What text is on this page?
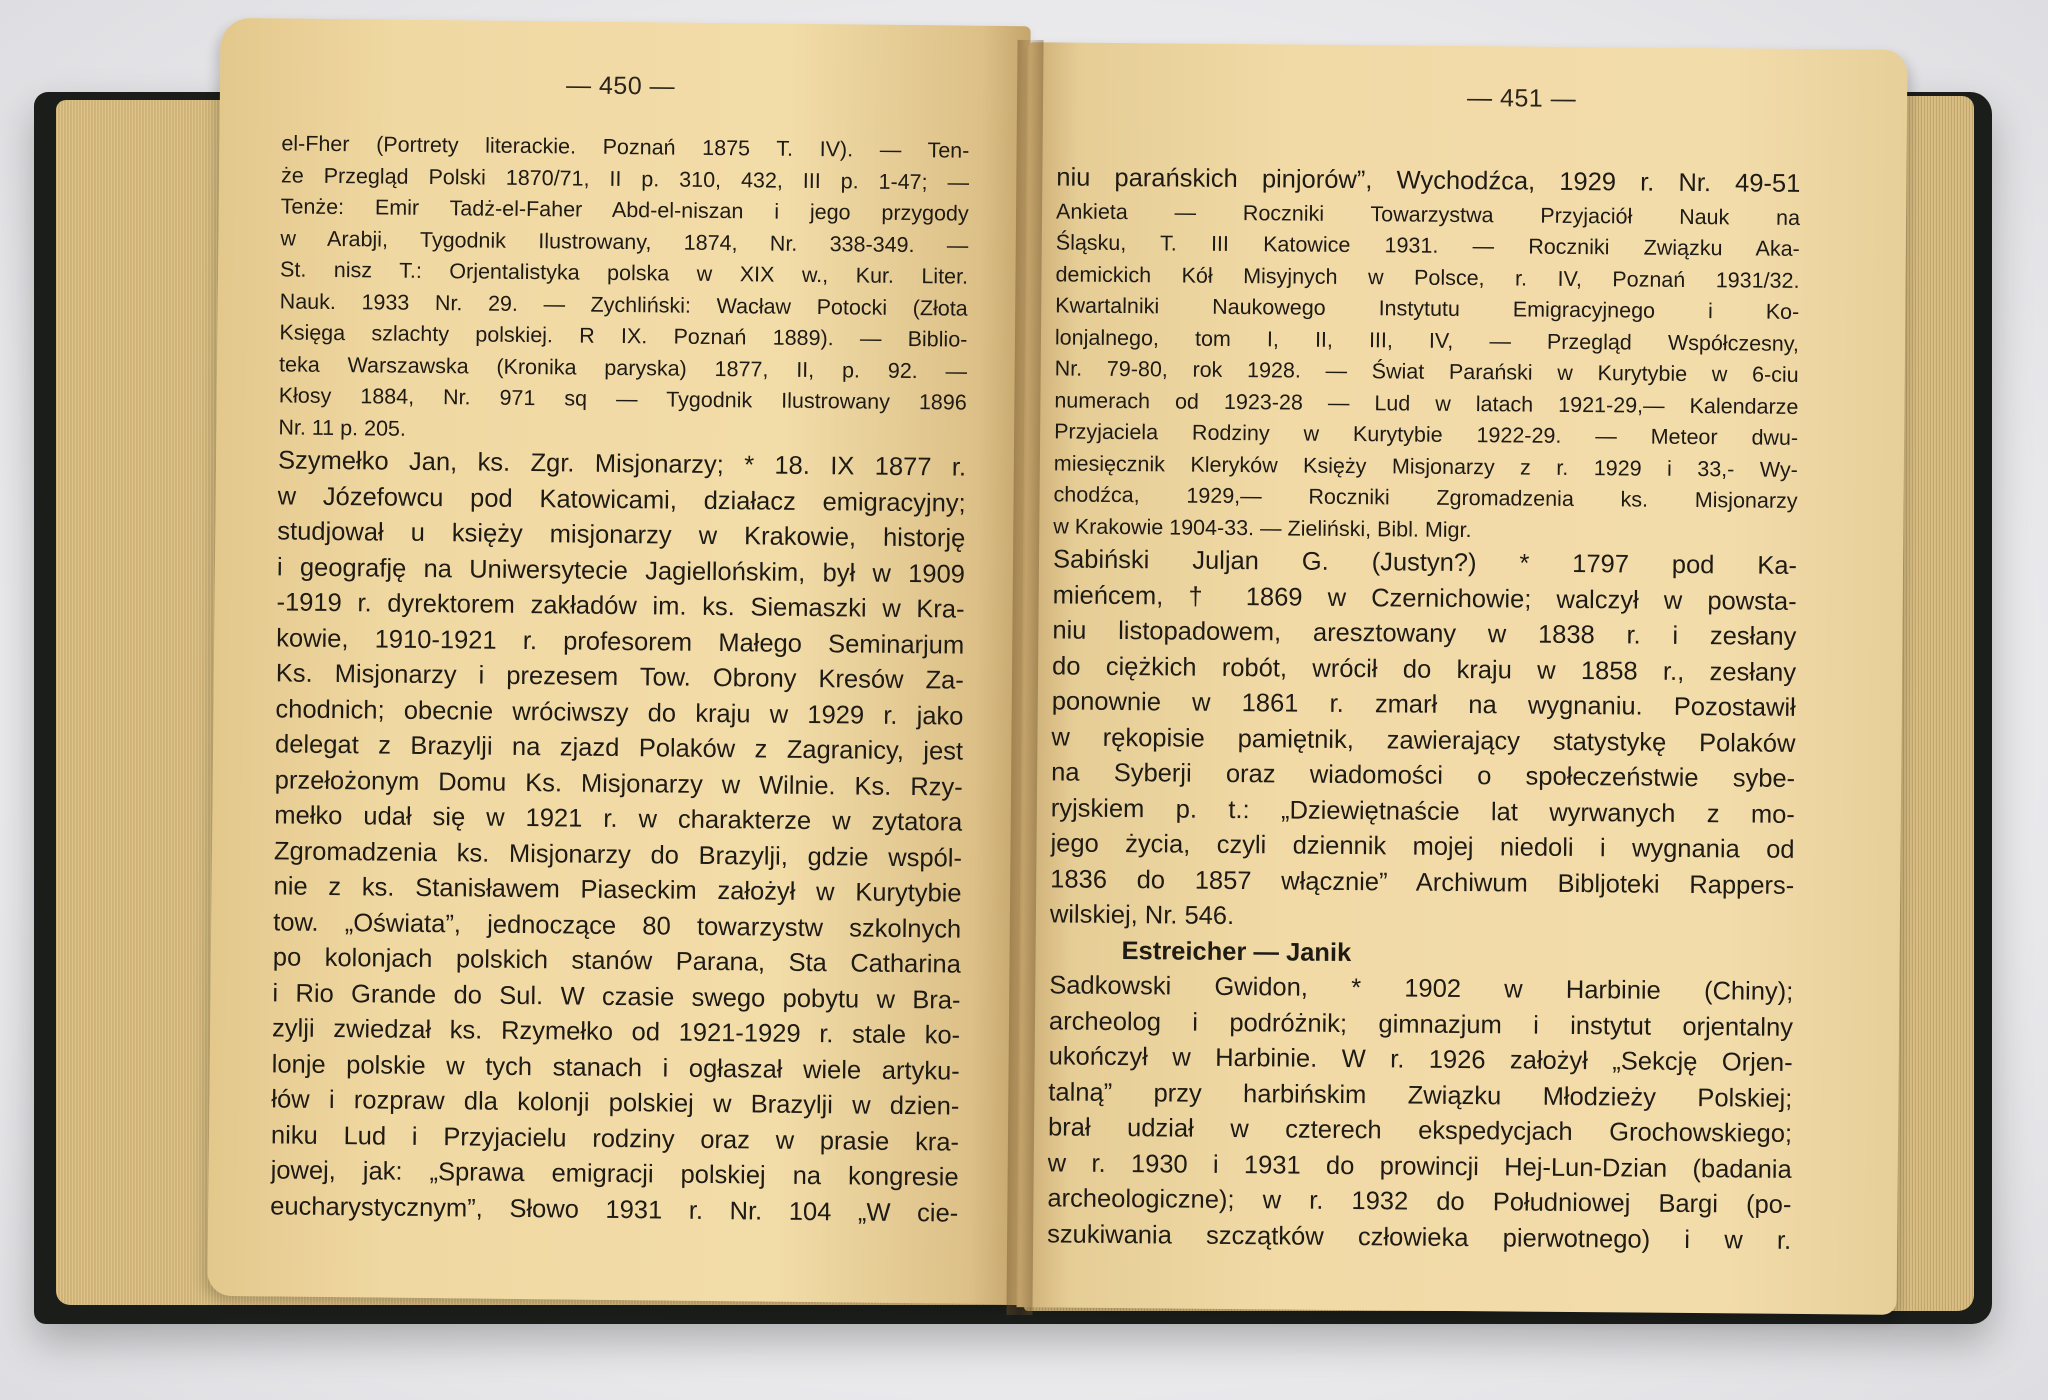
— 450 —
el-Fher (Portrety literackie. Poznań 1875 T. IV). — Ten-
że Przegląd Polski 1870/71, II p. 310, 432, III p. 1-47; —
Tenże: Emir Tadż-el-Faher Abd-el-niszan i jego przygody
w Arabji, Tygodnik Ilustrowany, 1874, Nr. 338-349. —
St. nisz T.: Orjentalistyka polska w XIX w., Kur. Liter.
Nauk. 1933 Nr. 29. — Zychliński: Wacław Potocki (Złota
Księga szlachty polskiej. R IX. Poznań 1889). — Biblio-
teka Warszawska (Kronika paryska) 1877, II, p. 92. —
Kłosy 1884, Nr. 971 sq — Tygodnik Ilustrowany 1896
Nr. 11 p. 205.
Szymełko Jan, ks. Zgr. Misjonarzy; * 18. IX 1877 r.
w Józefowcu pod Katowicami, działacz emigracyjny;
studjował u księży misjonarzy w Krakowie, historję
i geografję na Uniwersytecie Jagiellońskim, był w 1909
-1919 r. dyrektorem zakładów im. ks. Siemaszki w Kra-
kowie, 1910-1921 r. profesorem Małego Seminarjum
Ks. Misjonarzy i prezesem Tow. Obrony Kresów Za-
chodnich; obecnie wróciwszy do kraju w 1929 r. jako
delegat z Brazylji na zjazd Polaków z Zagranicy, jest
przełożonym Domu Ks. Misjonarzy w Wilnie. Ks. Rzy-
mełko udał się w 1921 r. w charakterze w zytatora
Zgromadzenia ks. Misjonarzy do Brazylji, gdzie wspól-
nie z ks. Stanisławem Piaseckim założył w Kurytybie
tow. „Oświata”, jednoczące 80 towarzystw szkolnych
po kolonjach polskich stanów Parana, Sta Catharina
i Rio Grande do Sul. W czasie swego pobytu w Bra-
zylji zwiedzał ks. Rzymełko od 1921-1929 r. stale ko-
lonje polskie w tych stanach i ogłaszał wiele artyku-
łów i rozpraw dla kolonji polskiej w Brazylji w dzien-
niku Lud i Przyjacielu rodziny oraz w prasie kra-
jowej, jak: „Sprawa emigracji polskiej na kongresie
eucharystycznym”, Słowo 1931 r. Nr. 104 „W cie-
— 451 —
niu parańskich pinjorów”, Wychodźca, 1929 r. Nr. 49-51
Ankieta — Roczniki Towarzystwa Przyjaciół Nauk na
Śląsku, T. III Katowice 1931. — Roczniki Związku Aka-
demickich Kół Misyjnych w Polsce, r. IV, Poznań 1931/32.
Kwartalniki Naukowego Instytutu Emigracyjnego i Ko-
lonjalnego, tom I, II, III, IV, — Przegląd Współczesny,
Nr. 79-80, rok 1928. — Świat Parański w Kurytybie w 6-ciu
numerach od 1923-28 — Lud w latach 1921-29,— Kalendarze
Przyjaciela Rodziny w Kurytybie 1922-29. — Meteor dwu-
miesięcznik Kleryków Księży Misjonarzy z r. 1929 i 33,- Wy-
chodźca, 1929,— Roczniki Zgromadzenia ks. Misjonarzy
w Krakowie 1904-33. — Zieliński, Bibl. Migr.
Sabiński Juljan G. (Justyn?) * 1797 pod Ka-
mieńcem, † 1869 w Czernichowie; walczył w powsta-
niu listopadowem, aresztowany w 1838 r. i zesłany
do ciężkich robót, wrócił do kraju w 1858 r., zesłany
ponownie w 1861 r. zmarł na wygnaniu. Pozostawił
w rękopisie pamiętnik, zawierający statystykę Polaków
na Syberji oraz wiadomości o społeczeństwie sybe-
ryjskiem p. t.: „Dziewiętnaście lat wyrwanych z mo-
jego życia, czyli dziennik mojej niedoli i wygnania od
1836 do 1857 włącznie” Archiwum Bibljoteki Rappers-
wilskiej, Nr. 546.
Estreicher — Janik
Sadkowski Gwidon, * 1902 w Harbinie (Chiny);
archeolog i podróżnik; gimnazjum i instytut orjentalny
ukończył w Harbinie. W r. 1926 założył „Sekcję Orjen-
talną” przy harbińskim Związku Młodzieży Polskiej;
brał udział w czterech ekspedycjach Grochowskiego;
w r. 1930 i 1931 do prowincji Hej-Lun-Dzian (badania
archeologiczne); w r. 1932 do Południowej Bargi (po-
szukiwania szczątków człowieka pierwotnego) i w r.
